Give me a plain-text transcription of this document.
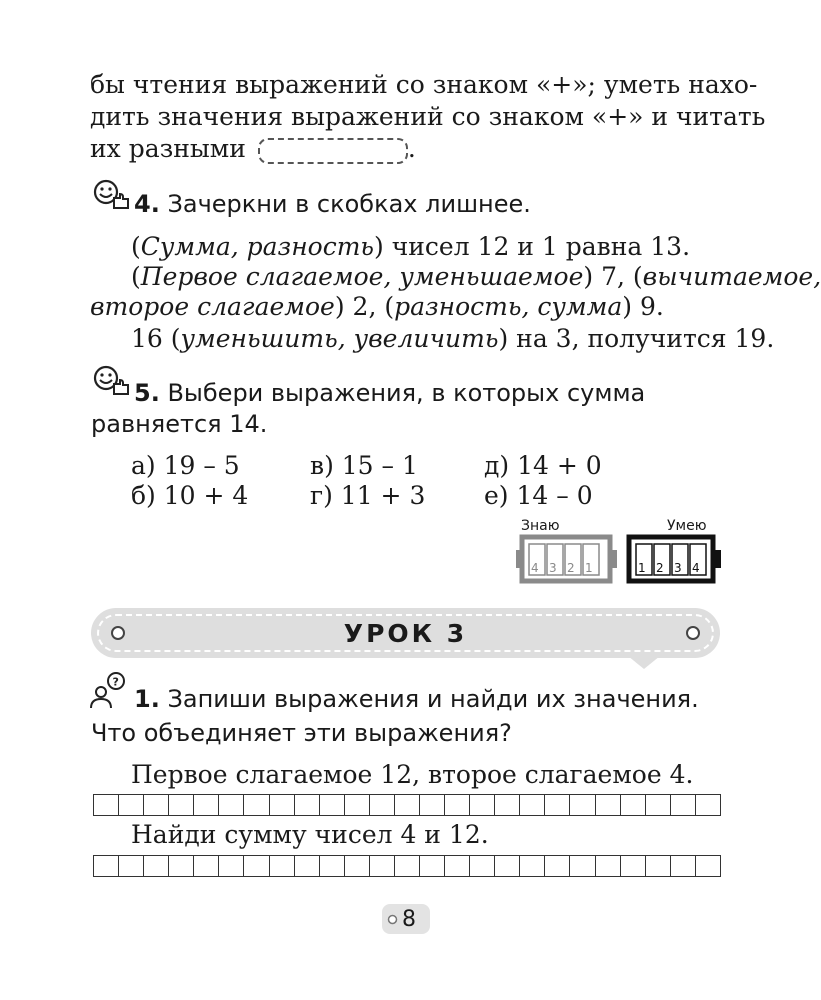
бы чтения выражений со знаком «+»; уметь нахо-
дить значения выражений со знаком «+» и читать
их разными	.
4. Зачеркни в скобках лишнее.
(Сумма, разность) чисел 12 и 1 равна 13.
(Первое слагаемое, уменьшаемое) 7, (вычитаемое,
второе слагаемое) 2, (разность, сумма) 9.
16 (уменьшить, увеличить) на 3, получится 19.
5. Выбери выражения, в которых сумма
равняется 14.
а) 19 – 5
б) 10 + 4
в) 15 – 1
г) 11 + 3
д) 14 + 0
е) 14 – 0
Знаю	Умею
4 3 2 1	1 2 3 4
УРОК 3
?
1. Запиши выражения и найди их значения.
Что объединяет эти выражения?
Первое слагаемое 12, второе слагаемое 4.
Найди сумму чисел 4 и 12.
8
